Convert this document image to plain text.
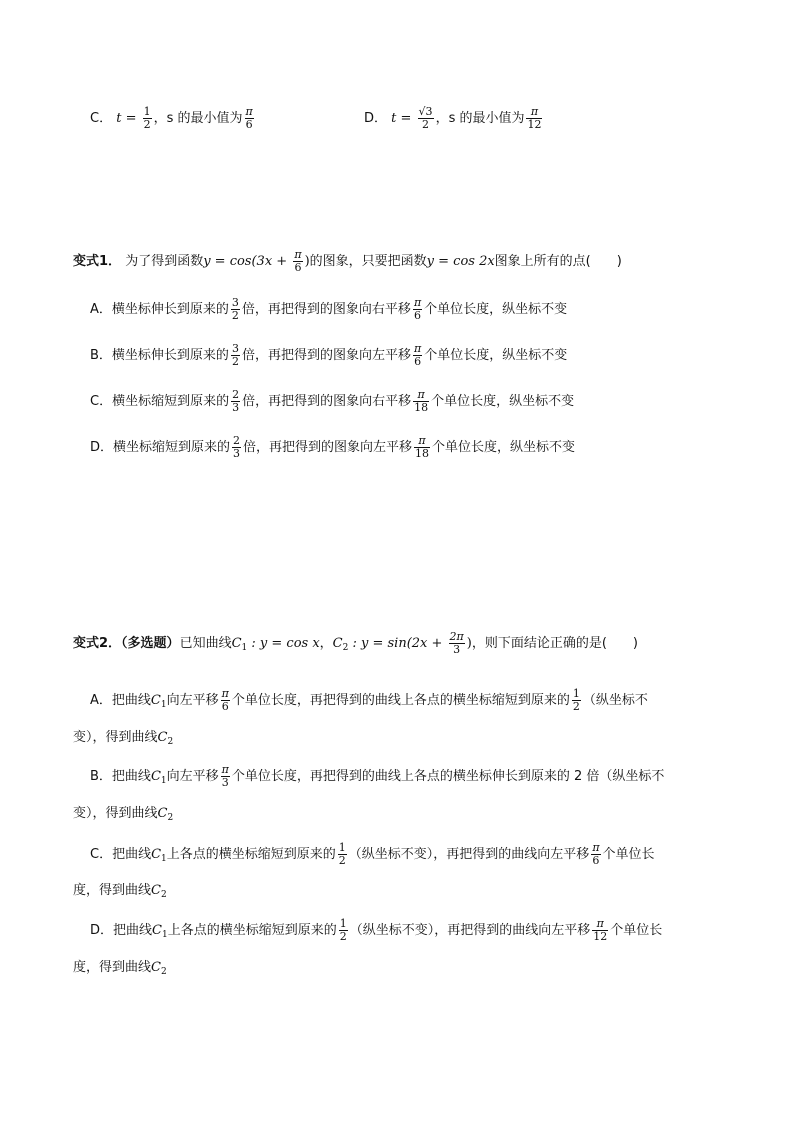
C． $t = \frac{1}{2}$ ，s 的最小值为 $\frac{\pi}{6}$	D． $t = \frac{√3}{2}$ ，s 的最小值为 $\frac{\pi}{12}$
变式1． 为了得到函数$y = \cos(3x + \frac{\pi}{6}$ )的图象，只要把函数y = cos 2x图象上所有的点(　　)
A．横坐标伸长到原来的 $\frac{3}{2}$ 倍，再把得到的图象向右平移 $\frac{\pi}{6}$ 个单位长度，纵坐标不变
B．横坐标伸长到原来的 $\frac{3}{2}$ 倍，再把得到的图象向左平移 $\frac{\pi}{6}$ 个单位长度，纵坐标不变
C．横坐标缩短到原来的 $\frac{2}{3}$ 倍，再把得到的图象向右平移 $\frac{\pi}{18}$ 个单位长度，纵坐标不变
D．横坐标缩短到原来的 $\frac{2}{3}$ 倍，再把得到的图象向左平移 $\frac{\pi}{18}$ 个单位长度，纵坐标不变
变式2．（多选题）已知曲线$C_1$ : y = cos x，$C_2$ : $y = \sin(2x + \frac{2\pi}{3}$ )，则下面结论正确的是(　　)
A．把曲线$C_1$向左平移 $\frac{\pi}{6}$ 个单位长度，再把得到的曲线上各点的横坐标缩短到原来的 $\frac{1}{2}$ （纵坐标不
变），得到曲线$C_2$
B．把曲线$C_1$向左平移 $\frac{\pi}{3}$ 个单位长度，再把得到的曲线上各点的横坐标伸长到原来的 2 倍（纵坐标不
变），得到曲线$C_2$
C．把曲线$C_1$上各点的横坐标缩短到原来的 $\frac{1}{2}$ （纵坐标不变），再把得到的曲线向左平移 $\frac{\pi}{6}$ 个单位长
度，得到曲线$C_2$
D．把曲线$C_1$上各点的横坐标缩短到原来的 $\frac{1}{2}$ （纵坐标不变），再把得到的曲线向左平移 $\frac{\pi}{12}$ 个单位长
度，得到曲线$C_2$
